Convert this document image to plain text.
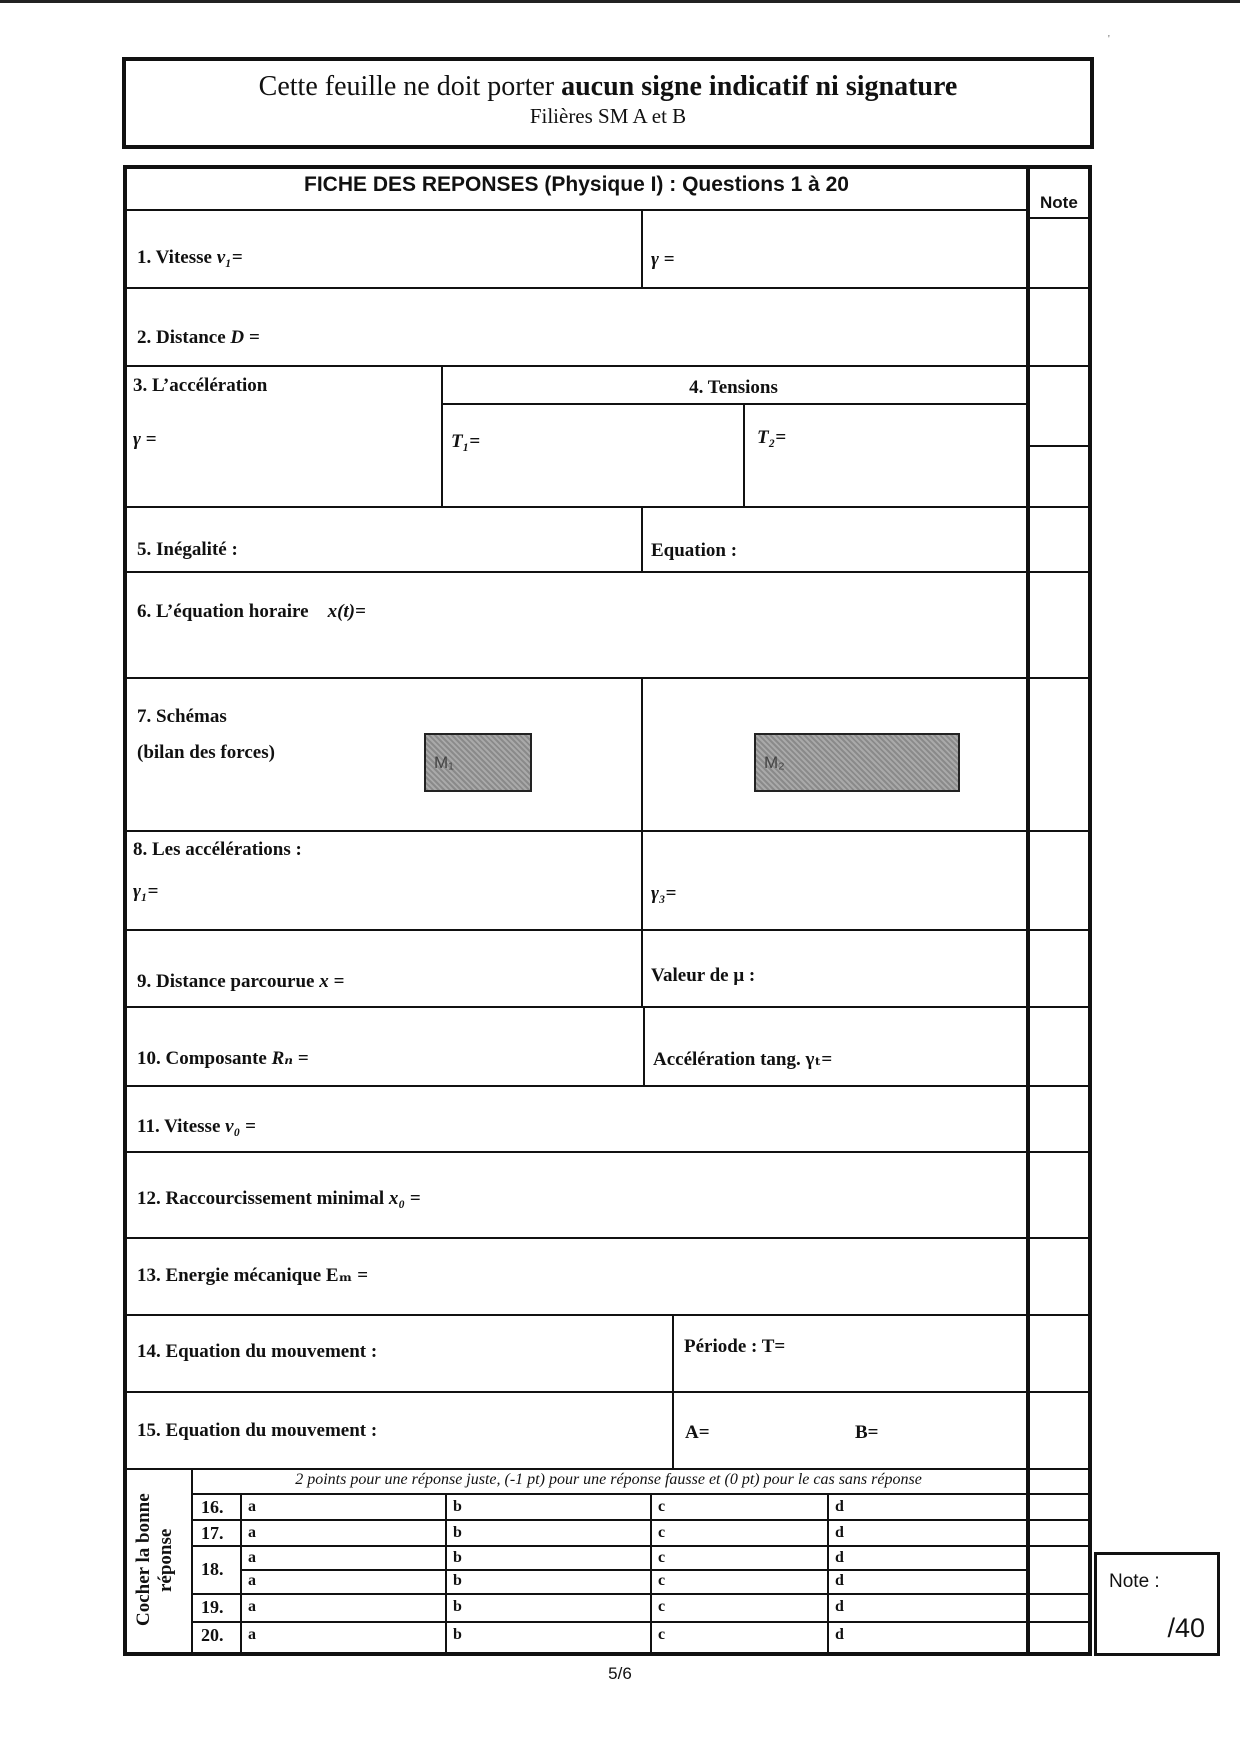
'
Cette feuille ne doit porter aucun signe indicatif ni signature
Filières SM A et B
FICHE DES REPONSES (Physique I) : Questions 1 à 20
Note
1. Vitesse v₁=	γ =
2. Distance D =
3. L’accélération
γ =
4. Tensions
T₁=	T₂=
5. Inégalité :	Equation :
6. L’équation horaire x(t)=
7. Schémas
(bilan des forces)	M₁	M₂
8. Les accélérations :
γ₁=	γ₃=
9. Distance parcourue x =	Valeur de μ :
10. Composante Rₙ =	Accélération tang. γₜ=
11. Vitesse v₀ =
12. Raccourcissement minimal x₀ =
13. Energie mécanique Eₘ =
14. Equation du mouvement :	Période : T=
15. Equation du mouvement :	A=	B=
Cocher la bonne réponse
2 points pour une réponse juste, (-1 pt) pour une réponse fausse et (0 pt) pour le cas sans réponse
16. a	b	c	d
17. a	b	c	d
18.
a	b	c	d
a	b	c	d
19. a	b	c	d
20. a	b	c	d
Note :
/40
5/6
